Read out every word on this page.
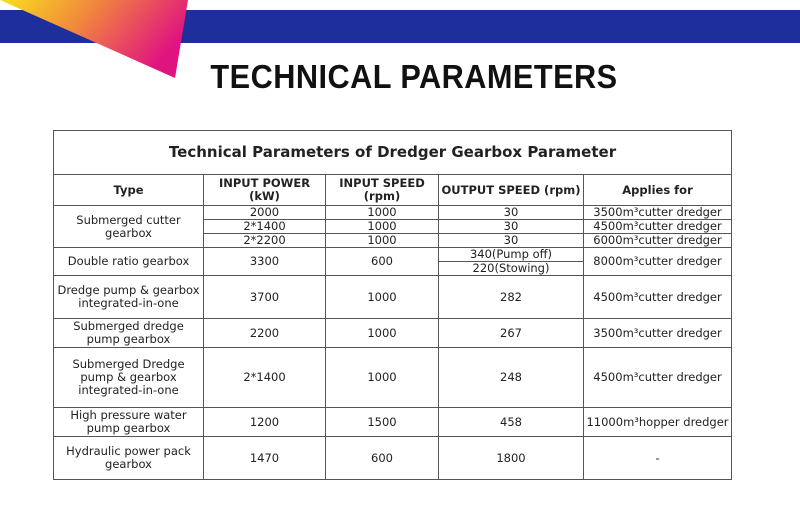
TECHNICAL PARAMETERS
Technical Parameters of Dredger Gearbox Parameter				
Type	INPUT POWER (kW)	INPUT SPEED (rpm)	OUTPUT SPEED (rpm)	Applies for
Submerged cutter gearbox	2000	1000	30	3500m³cutter dredger
	2*1400	1000	30	4500m³cutter dredger
	2*2200	1000	30	6000m³cutter dredger
Double ratio gearbox	3300	600	340(Pump off)	8000m³cutter dredger
			220(Stowing)	
Dredge pump & gearbox integrated-in-one	3700	1000	282	4500m³cutter dredger
Submerged dredge pump gearbox	2200	1000	267	3500m³cutter dredger
Submerged Dredge pump & gearbox integrated-in-one	2*1400	1000	248	4500m³cutter dredger
High pressure water pump gearbox	1200	1500	458	11000m³hopper dredger
Hydraulic power pack gearbox	1470	600	1800	-
